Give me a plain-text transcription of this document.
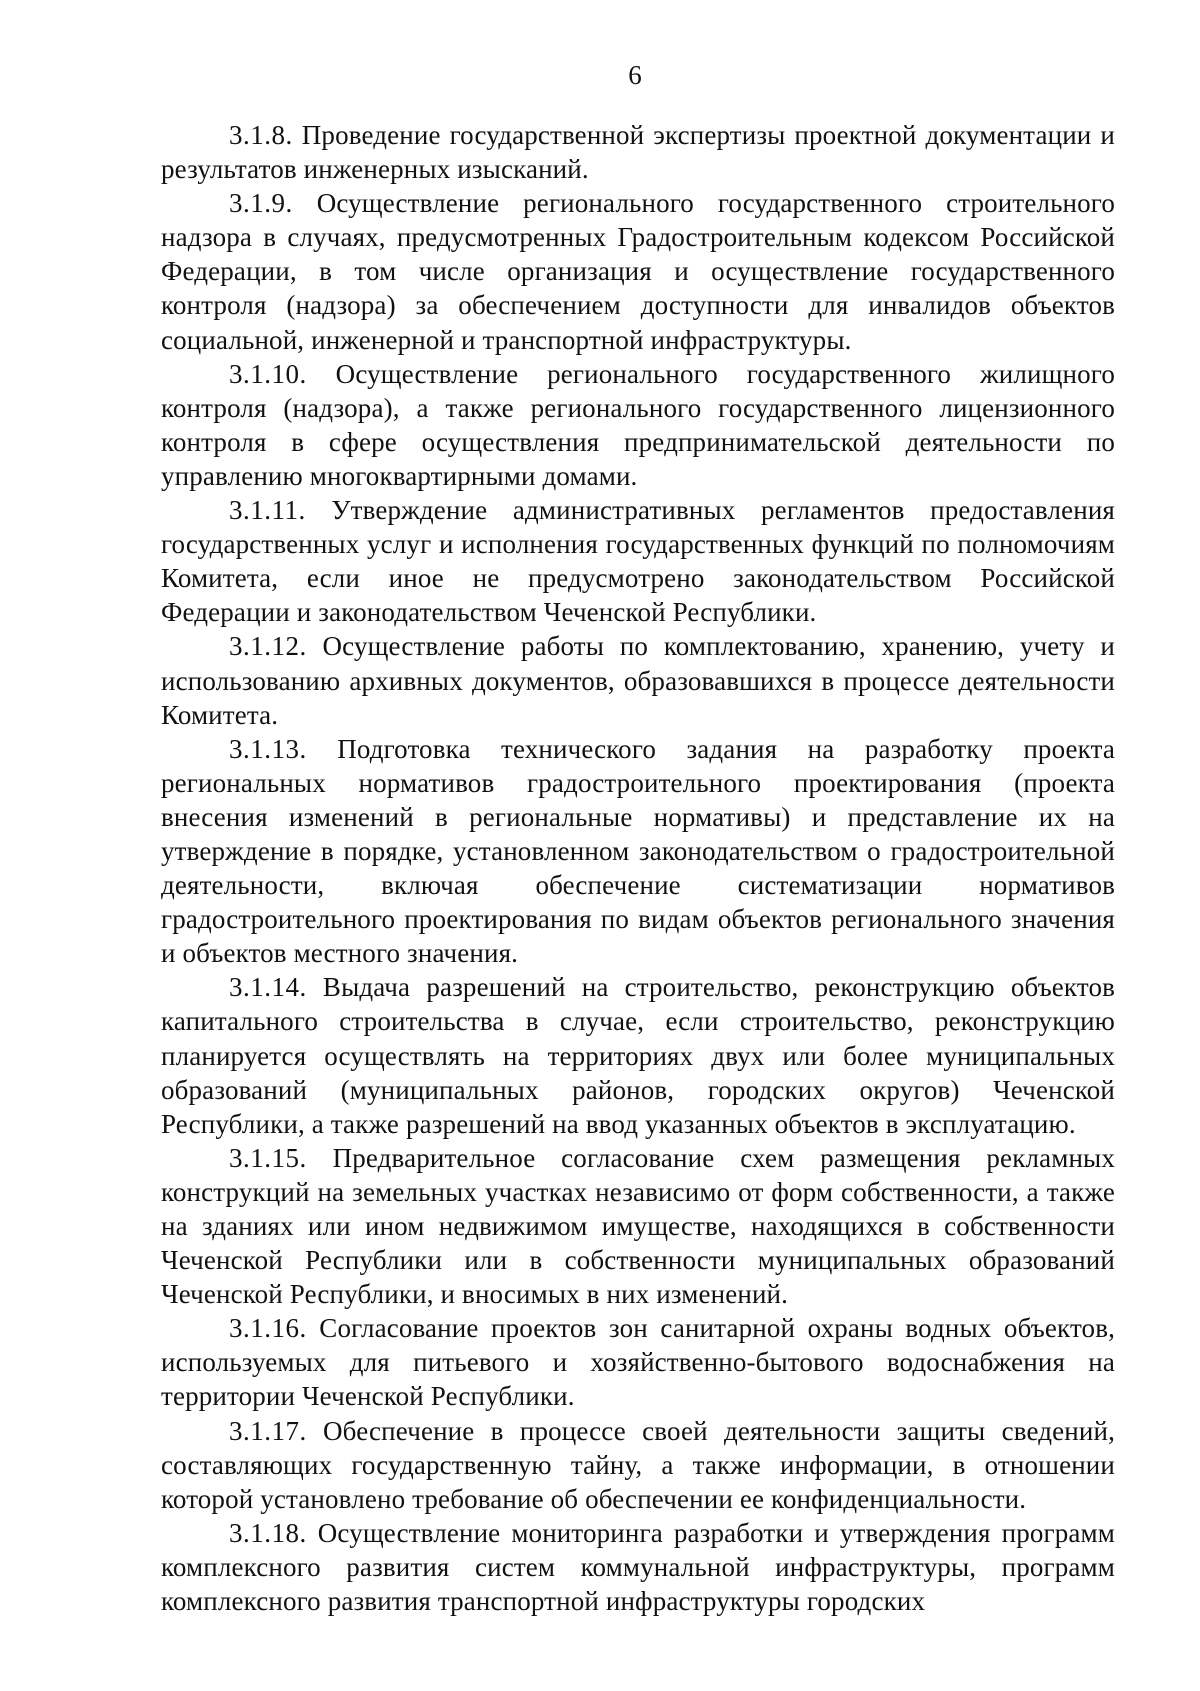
6

3.1.8. Проведение государственной экспертизы проектной документации и результатов инженерных изысканий.

3.1.9. Осуществление регионального государственного строительного надзора в случаях, предусмотренных Градостроительным кодексом Российской Федерации, в том числе организация и осуществление государственного контроля (надзора) за обеспечением доступности для инвалидов объектов социальной, инженерной и транспортной инфраструктуры.

3.1.10. Осуществление регионального государственного жилищного контроля (надзора), а также регионального государственного лицензионного контроля в сфере осуществления предпринимательской деятельности по управлению многоквартирными домами.

3.1.11. Утверждение административных регламентов предоставления государственных услуг и исполнения государственных функций по полномочиям Комитета, если иное не предусмотрено законодательством Российской Федерации и законодательством Чеченской Республики.

3.1.12. Осуществление работы по комплектованию, хранению, учету и использованию архивных документов, образовавшихся в процессе деятельности Комитета.

3.1.13. Подготовка технического задания на разработку проекта региональных нормативов градостроительного проектирования (проекта внесения изменений в региональные нормативы) и представление их на утверждение в порядке, установленном законодательством о градостроительной деятельности, включая обеспечение систематизации нормативов градостроительного проектирования по видам объектов регионального значения и объектов местного значения.

3.1.14. Выдача разрешений на строительство, реконструкцию объектов капитального строительства в случае, если строительство, реконструкцию планируется осуществлять на территориях двух или более муниципальных образований (муниципальных районов, городских округов) Чеченской Республики, а также разрешений на ввод указанных объектов в эксплуатацию.

3.1.15. Предварительное согласование схем размещения рекламных конструкций на земельных участках независимо от форм собственности, а также на зданиях или ином недвижимом имуществе, находящихся в собственности Чеченской Республики или в собственности муниципальных образований Чеченской Республики, и вносимых в них изменений.

3.1.16. Согласование проектов зон санитарной охраны водных объектов, используемых для питьевого и хозяйственно-бытового водоснабжения на территории Чеченской Республики.

3.1.17. Обеспечение в процессе своей деятельности защиты сведений, составляющих государственную тайну, а также информации, в отношении которой установлено требование об обеспечении ее конфиденциальности.

3.1.18. Осуществление мониторинга разработки и утверждения программ комплексного развития систем коммунальной инфраструктуры, программ комплексного развития транспортной инфраструктуры городских
